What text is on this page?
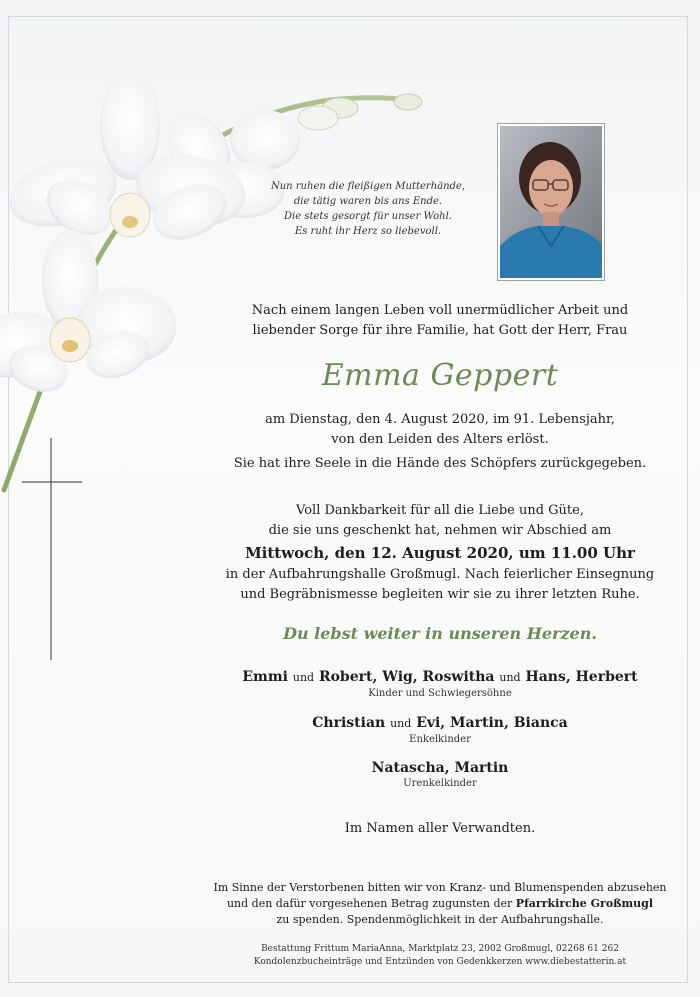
Nun ruhen die fleißigen Mutterhände,
die tätig waren bis ans Ende.
Die stets gesorgt für unser Wohl.
Es ruht ihr Herz so liebevoll.
Nach einem langen Leben voll unermüdlicher Arbeit und
liebender Sorge für ihre Familie, hat Gott der Herr, Frau
Emma Geppert
am Dienstag, den 4. August 2020, im 91. Lebensjahr,
von den Leiden des Alters erlöst.
Sie hat ihre Seele in die Hände des Schöpfers zurückgegeben.
Voll Dankbarkeit für all die Liebe und Güte,
die sie uns geschenkt hat, nehmen wir Abschied am
Mittwoch, den 12. August 2020, um 11.00 Uhr
in der Aufbahrungshalle Großmugl. Nach feierlicher Einsegnung
und Begräbnismesse begleiten wir sie zu ihrer letzten Ruhe.
Du lebst weiter in unseren Herzen.
Emmi und Robert, Wig, Roswitha und Hans, Herbert
Kinder und Schwiegersöhne
Christian und Evi, Martin, Bianca
Enkelkinder
Natascha, Martin
Urenkelkinder
Im Namen aller Verwandten.
Im Sinne der Verstorbenen bitten wir von Kranz- und Blumenspenden abzusehen
und den dafür vorgesehenen Betrag zugunsten der Pfarrkirche Großmugl
zu spenden. Spendenmöglichkeit in der Aufbahrungshalle.
Bestattung Frittum MariaAnna, Marktplatz 23, 2002 Großmugl, 02268 61 262
Kondolenzbucheinträge und Entzünden von Gedenkkerzen www.diebestatterin.at
